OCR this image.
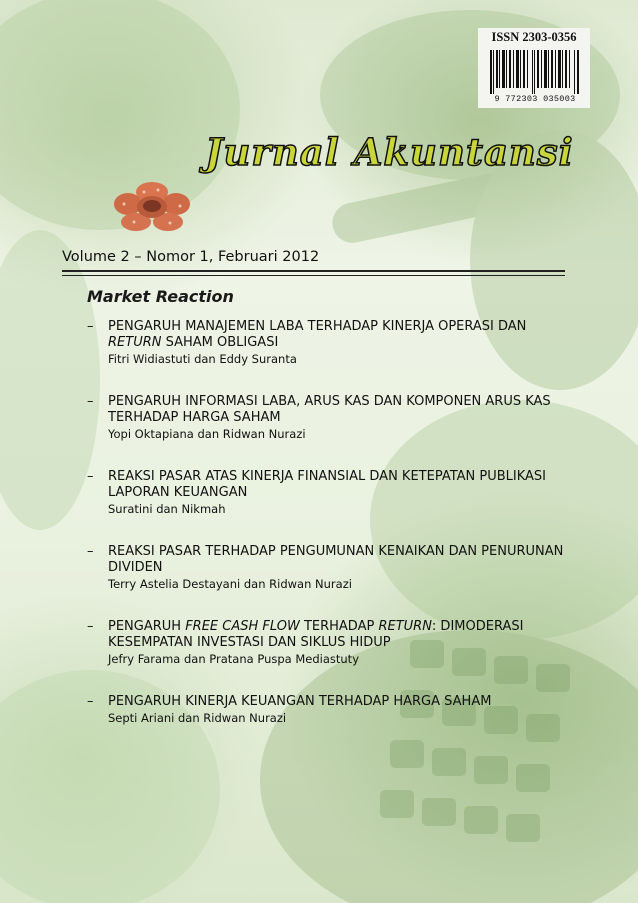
ISSN 2303-0356
9 772303 035003
Jurnal Akuntansi

Volume 2 – Nomor 1, Februari 2012

Market Reaction
– PENGARUH MANAJEMEN LABA TERHADAP KINERJA OPERASI DAN
RETURN SAHAM OBLIGASI
Fitri Widiastuti dan Eddy Suranta
– PENGARUH INFORMASI LABA, ARUS KAS DAN KOMPONEN ARUS KAS TERHADAP HARGA SAHAM
Yopi Oktapiana dan Ridwan Nurazi
– REAKSI PASAR ATAS KINERJA FINANSIAL DAN KETEPATAN PUBLIKASI LAPORAN KEUANGAN
Suratini dan Nikmah
– REAKSI PASAR TERHADAP PENGUMUNAN KENAIKAN DAN PENURUNAN DIVIDEN
Terry Astelia Destayani dan Ridwan Nurazi
– PENGARUH FREE CASH FLOW TERHADAP RETURN: DIMODERASI KESEMPATAN INVESTASI DAN SIKLUS HIDUP
Jefry Farama dan Pratana Puspa Mediastuty
– PENGARUH KINERJA KEUANGAN TERHADAP HARGA SAHAM
Septi Ariani dan Ridwan Nurazi
